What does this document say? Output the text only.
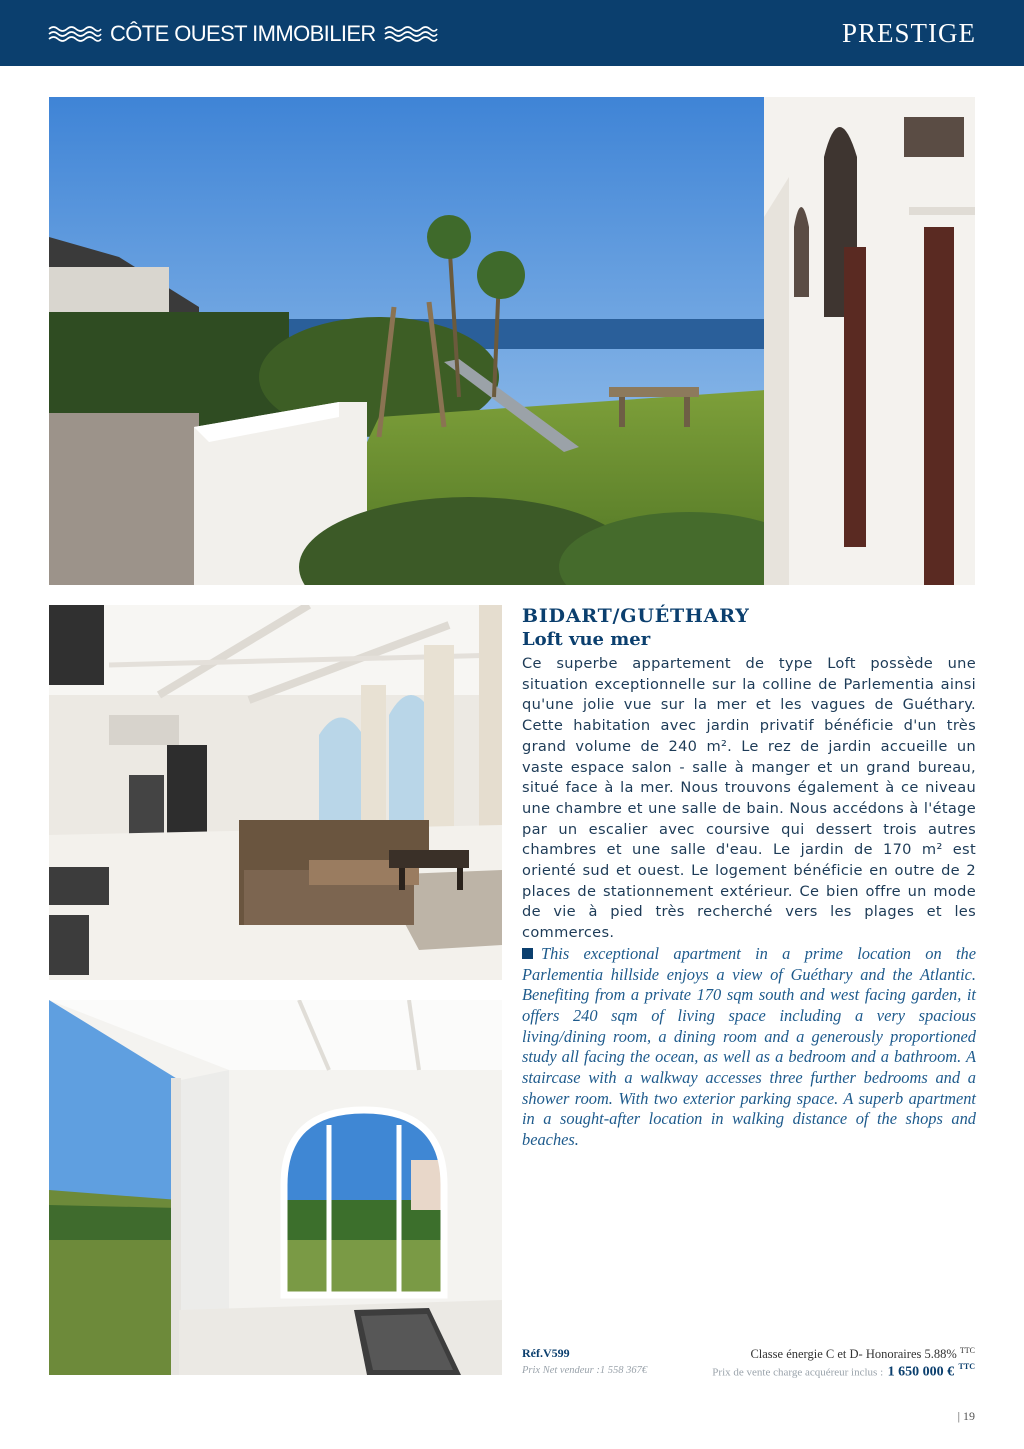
CÔTE OUEST IMMOBILIER	PRESTIGE
BIDART/GUÉTHARY
Loft vue mer

Ce superbe appartement de type Loft possède une situation exceptionnelle sur la colline de Parlementia ainsi qu'une jolie vue sur la mer et les vagues de Guéthary. Cette habitation avec jardin privatif bénéficie d'un très grand volume de 240 m². Le rez de jardin accueille un vaste espace salon - salle à manger et un grand bureau, situé face à la mer. Nous trouvons également à ce niveau une chambre et une salle de bain. Nous accédons à l'étage par un escalier avec coursive qui dessert trois autres chambres et une salle d'eau. Le jardin de 170 m² est orienté sud et ouest. Le logement bénéficie en outre de 2 places de stationnement extérieur. Ce bien offre un mode de vie à pied très recherché vers les plages et les commerces.

This exceptional apartment in a prime location on the Parlementia hillside enjoys a view of Guéthary and the Atlantic. Benefiting from a private 170 sqm south and west facing garden, it offers 240 sqm of living space including a very spacious living/dining room, a dining room and a generously proportioned study all facing the ocean, as well as a bedroom and a bathroom. A staircase with a walkway accesses three further bedrooms and a shower room. With two exterior parking space. A superb apartment in a sought-after location in walking distance of the shops and beaches.

Réf.V599
Prix Net vendeur :1 558 367€
Classe énergie C et D- Honoraires 5.88% $^{TTC}$
Prix de vente charge acquéreur inclus : 1 650 000 € $^{TTC}$
| 19
